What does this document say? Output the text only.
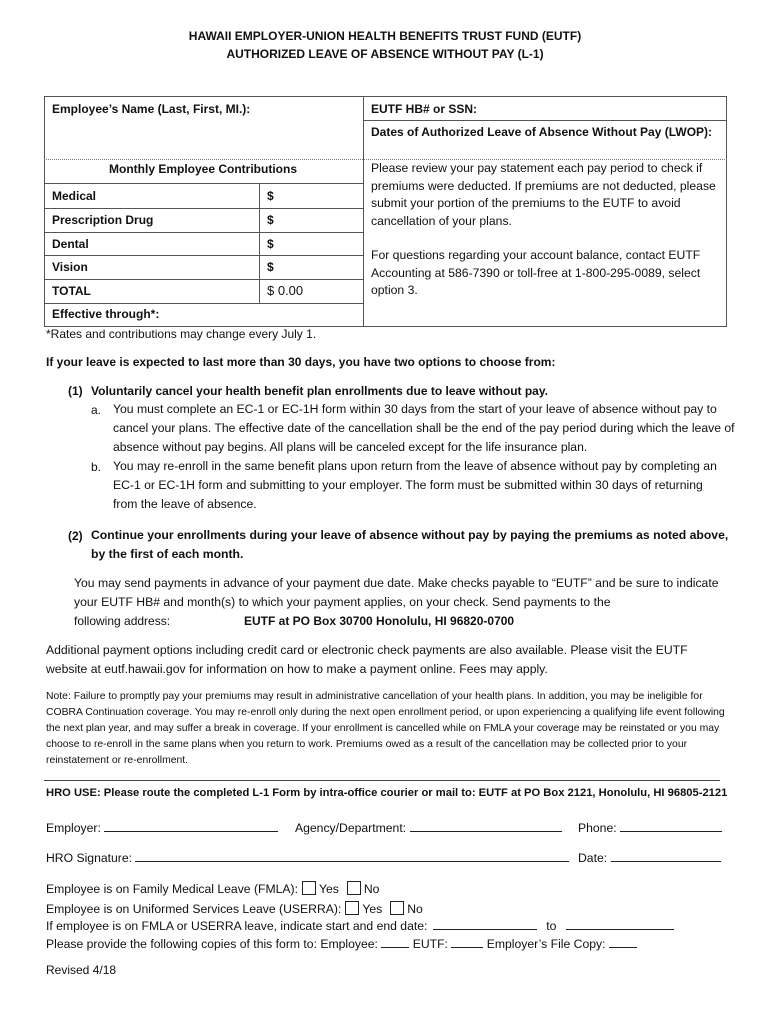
HAWAII EMPLOYER-UNION HEALTH BENEFITS TRUST FUND (EUTF)
AUTHORIZED LEAVE OF ABSENCE WITHOUT PAY (L-1)
Employee’s Name (Last, First, MI.):	EUTF HB# or SSN:
Dates of Authorized Leave of Absence Without Pay (LWOP):
Monthly Employee Contributions
Medical	$
Prescription Drug	$
Dental	$
Vision	$
TOTAL	$ 0.00
Effective through*:
*Rates and contributions may change every July 1.
Please review your pay statement each pay period to check if premiums were deducted. If premiums are not deducted, please submit your portion of the premiums to the EUTF to avoid cancellation of your plans.
For questions regarding your account balance, contact EUTF Accounting at 586-7390 or toll-free at 1-800-295-0089, select option 3.
If your leave is expected to last more than 30 days, you have two options to choose from:
(1) Voluntarily cancel your health benefit plan enrollments due to leave without pay.
a. You must complete an EC-1 or EC-1H form within 30 days from the start of your leave of absence without pay to cancel your plans. The effective date of the cancellation shall be the end of the pay period during which the leave of absence without pay begins. All plans will be canceled except for the life insurance plan.
b. You may re-enroll in the same benefit plans upon return from the leave of absence without pay by completing an EC-1 or EC-1H form and submitting to your employer. The form must be submitted within 30 days of returning from the leave of absence.
(2) Continue your enrollments during your leave of absence without pay by paying the premiums as noted above, by the first of each month.
You may send payments in advance of your payment due date. Make checks payable to “EUTF” and be sure to indicate your EUTF HB# and month(s) to which your payment applies, on your check. Send payments to the
following address:	EUTF at PO Box 30700 Honolulu, HI 96820-0700
Additional payment options including credit card or electronic check payments are also available. Please visit the EUTF website at eutf.hawaii.gov for information on how to make a payment online. Fees may apply.
Note: Failure to promptly pay your premiums may result in administrative cancellation of your health plans. In addition, you may be ineligible for COBRA Continuation coverage. You may re-enroll only during the next open enrollment period, or upon experiencing a qualifying life event following the next plan year, and may suffer a break in coverage. If your enrollment is cancelled while on FMLA your coverage may be reinstated or you may choose to re-enroll in the same plans when you return to work. Premiums owed as a result of the cancellation may be collected prior to your reinstatement or re-enrollment.
HRO USE: Please route the completed L-1 Form by intra-office courier or mail to: EUTF at PO Box 2121, Honolulu, HI 96805-2121
Employer:	Agency/Department:	Phone:
HRO Signature:	Date:
Employee is on Family Medical Leave (FMLA): Yes No
Employee is on Uniformed Services Leave (USERRA): Yes No
If employee is on FMLA or USERRA leave, indicate start and end date:	to
Please provide the following copies of this form to: Employee:	EUTF:	Employer’s File Copy:
Revised 4/18
